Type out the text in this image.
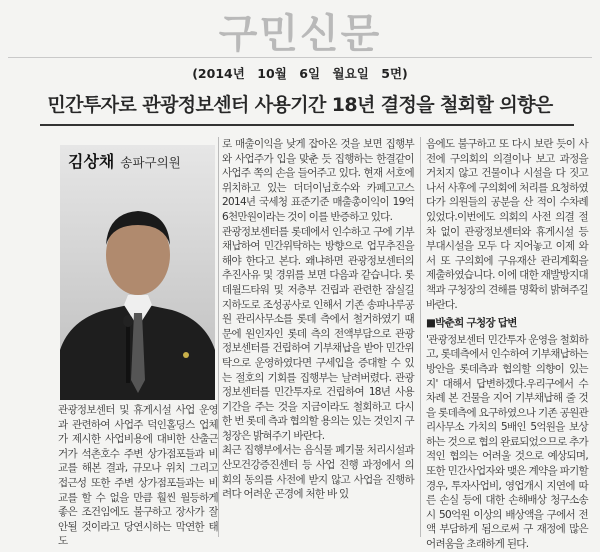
구민신문
(2014년　10월　6일　월요일　5면)
민간투자로 관광정보센터 사용기간 18년 결정을 철회할 의향은
김상채 송파구의원

관광정보센터 및 휴게시설 사업 운영과 관련하여 사업주 덕인홀딩스 업체가 제시한 사업비용에 대비한 산출근거가 석촌호수 주변 상가점포들과 비교를 해본 결과, 규모나 위치 그리고 접근성 또한 주변 상가점포들과는 비교를 할 수 없을 만큼 훨씬 월등하게 좋은 조건임에도 불구하고 장사가 잘 안될 것이라고 당연시하는 막연한 태도

로 매출이익을 낮게 잡아온 것을 보면 집행부와 사업주가 입을 맞춘 듯 집행하는 한결같이 사업주 쪽의 손을 들어주고 있다. 현재 서호에 위치하고 있는 더더이님호수와 카페고고스 2014년 국세청 표준기준 매출총이익이 19억 6천만원이라는 것이 이를 반증하고 있다.

관광정보센터를 롯데에서 인수하고 구에 기부채납하여 민간위탁하는 방향으로 업무추진을 해야 한다고 본다. 왜냐하면 관광정보센터의 추진사유 및 경위를 보면 다음과 같습니다. 롯데월드타워 및 저층부 건립과 관련한 잠실길 지하도로 조성공사로 인해서 기존 송파나루공원 관리사무소를 롯데 측에서 철거하였기 때문에 원인자인 롯데 측의 전액부담으로 관광정보센터를 건립하여 기부채납을 받아 민간위탁으로 운영하였다면 구세입을 증대할 수 있는 절호의 기회를 집행부는 날려버렸다. 관광정보센터를 민간투자로 건립하여 18년 사용기간을 주는 것을 지금이라도 철회하고 다시 한 번 롯데 측과 협의할 용의는 있는 것인지 구청장은 밝혀주기 바란다.

최근 집행부에서는 음식물 폐기물 처리시설과 산모건강증진센터 등 사업 진행 과정에서 의회의 동의를 사전에 받지 않고 사업을 진행하려다 어려운 곤경에 처한 바 있

음에도 불구하고 또 다시 보란 듯이 사전에 구의회의 의결이나 보고 과정을 거치지 않고 건물이나 시설을 다 짓고 나서 사후에 구의회에 처리를 요청하였다가 의원들의 공분을 산 적이 수차례 있었다.이번에도 의회의 사전 의결 절차 없이 관광정보센터와 휴게시설 등 부대시설을 모두 다 지어놓고 이제 와서 또 구의회에 구유재산 관리계획을 제출하였습니다. 이에 대한 재발방지대책과 구청장의 견해를 명확히 밝혀주길 바란다.

■박춘희 구청장 답변

'관광정보센터 민간투자 운영을 철회하고, 롯데측에서 인수하여 기부채납하는 방안을 롯데측과 협의할 의향이 있는지' 대해서 답변하겠다.우리구에서 수차례 본 건물을 지어 기부채납해 줄 것을 롯데측에 요구하였으나 기존 공원관리사무소 가치의 5배인 5억원을 보상하는 것으로 협의 완료되었으므로 추가적인 협의는 어려울 것으로 예상되며, 또한 민간사업자와 맺은 계약을 파기할 경우, 투자사업비, 영업개시 지연에 따른 손실 등에 대한 손해배상 청구소송시 50억원 이상의 배상액을 구에서 전액 부담하게 됨으로써 구 재정에 많은 어려움을 초래하게 된다.
